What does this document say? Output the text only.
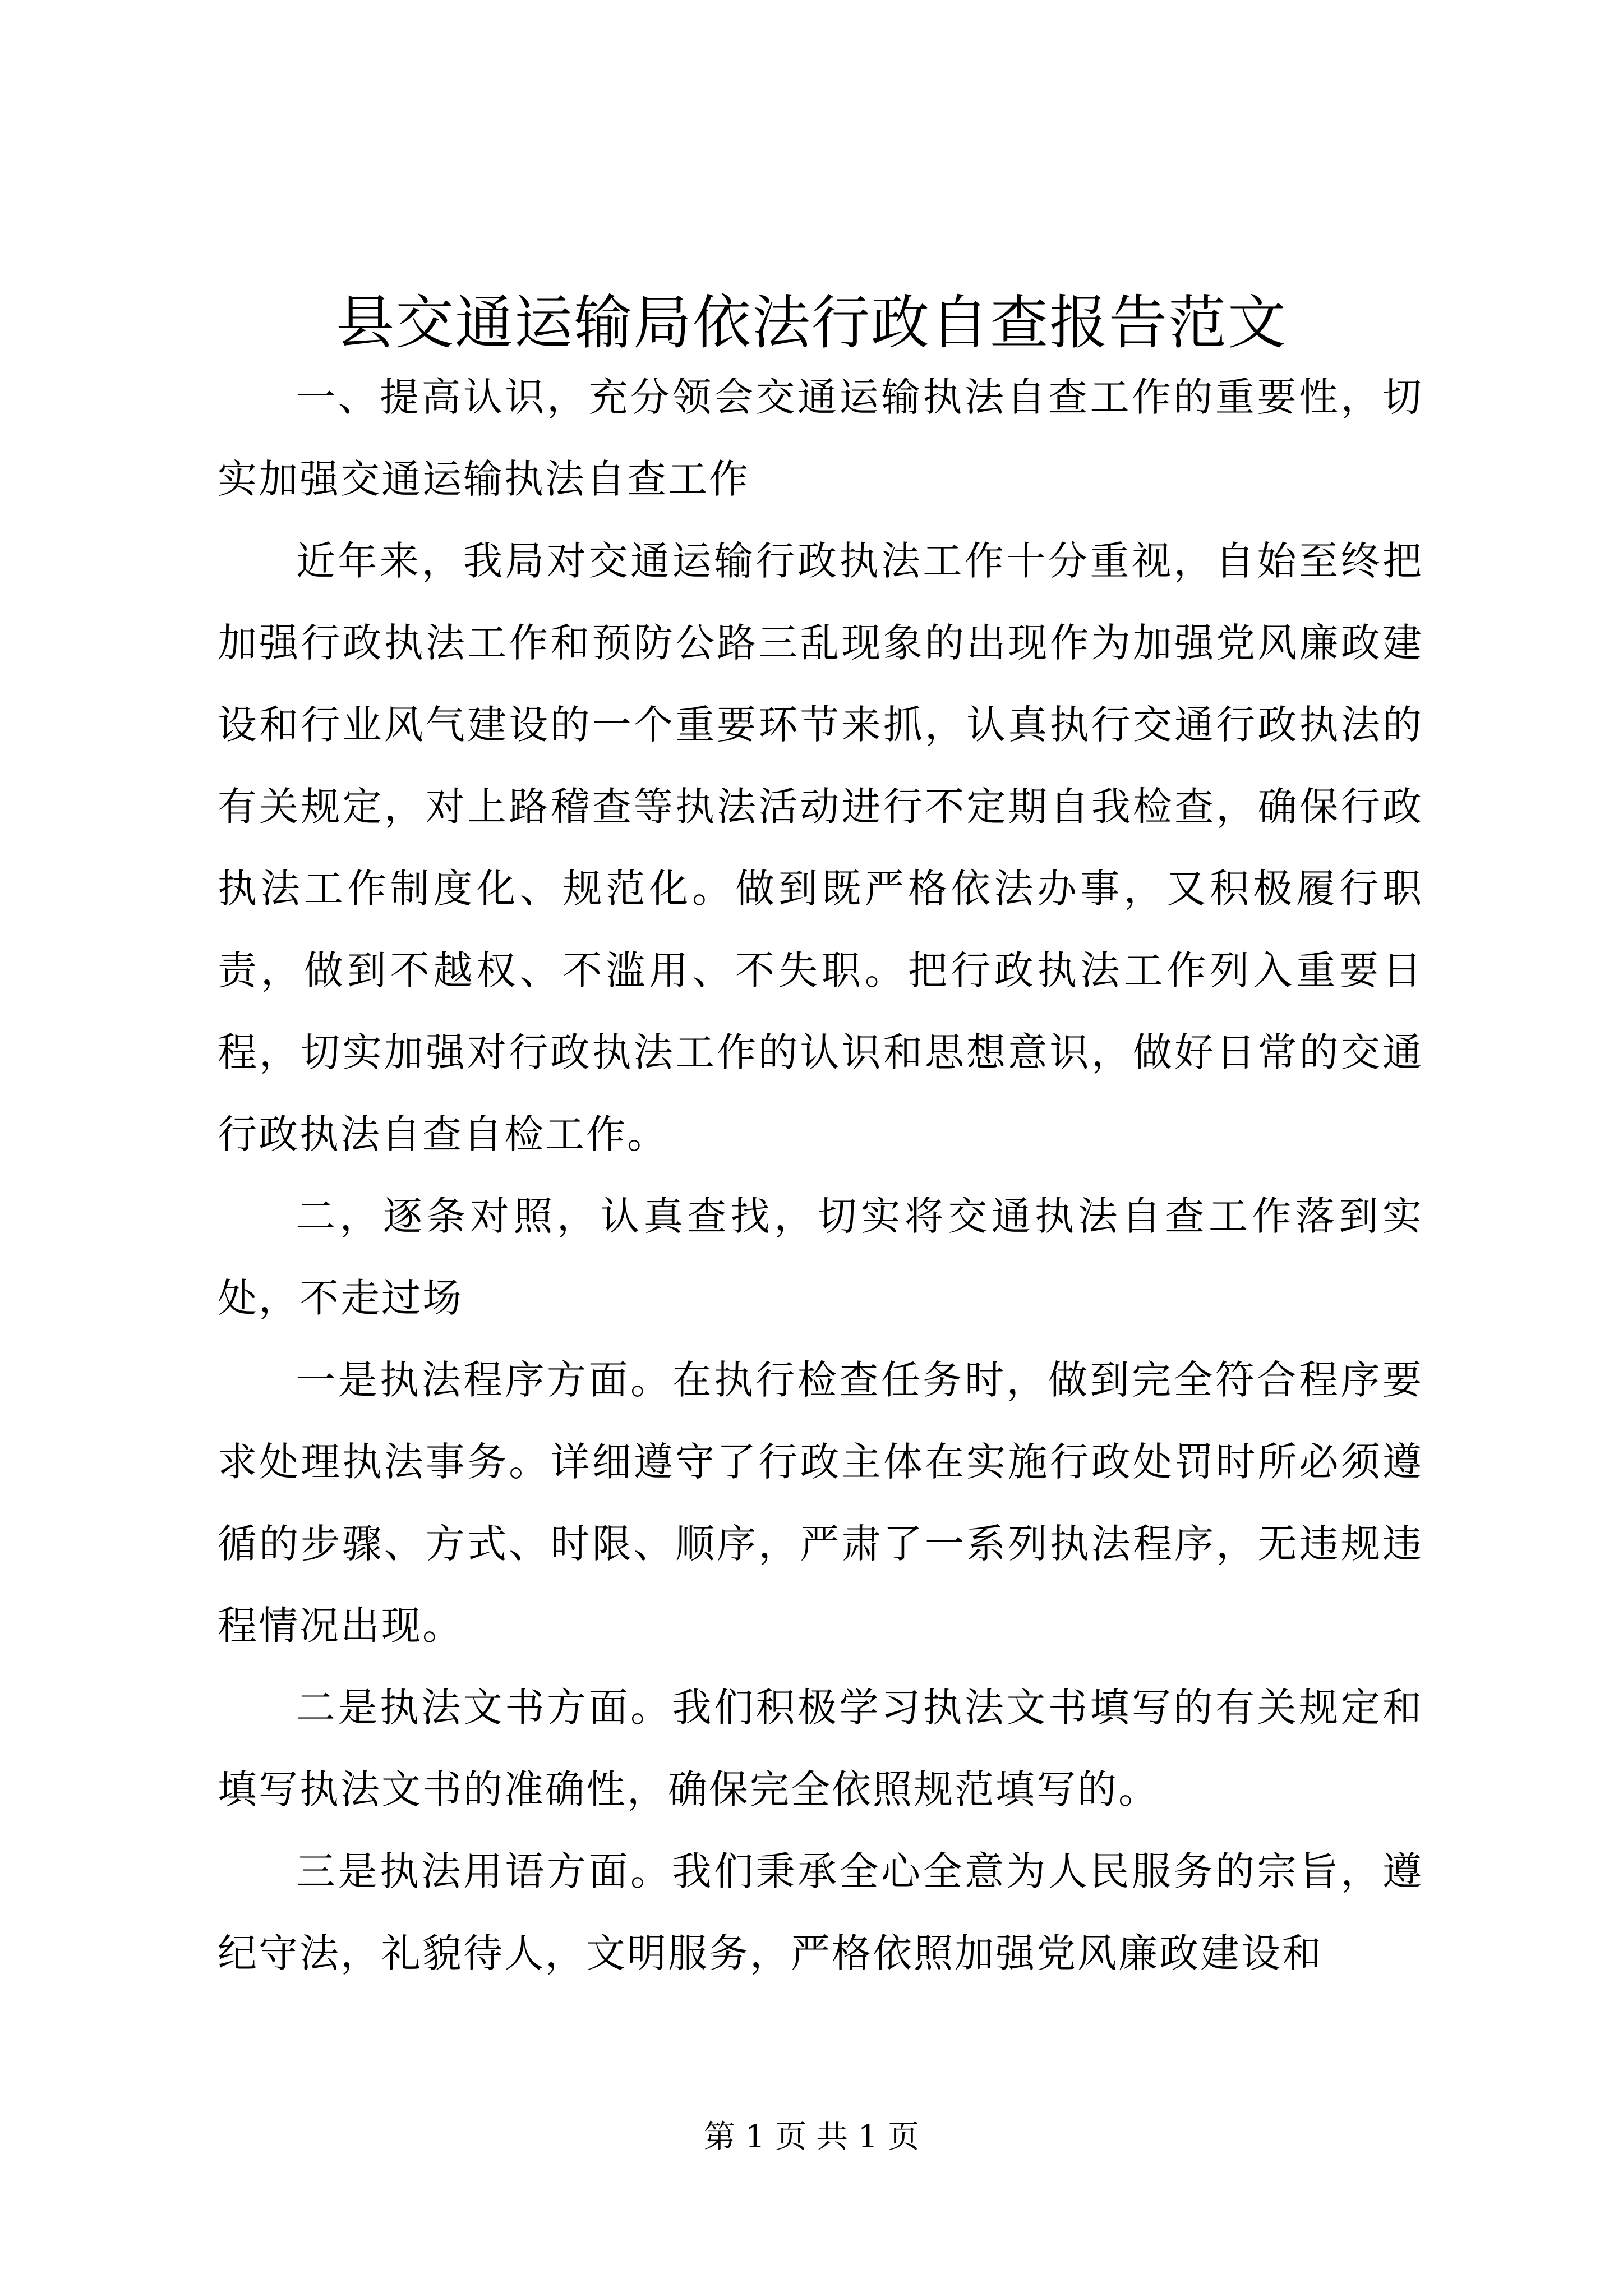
县交通运输局依法行政自查报告范文

一、提高认识，充分领会交通运输执法自查工作的重要性，切实加强交通运输执法自查工作

近年来，我局对交通运输行政执法工作十分重视，自始至终把加强行政执法工作和预防公路三乱现象的出现作为加强党风廉政建设和行业风气建设的一个重要环节来抓，认真执行交通行政执法的有关规定，对上路稽查等执法活动进行不定期自我检查，确保行政执法工作制度化、规范化。做到既严格依法办事，又积极履行职责，做到不越权、不滥用、不失职。把行政执法工作列入重要日程，切实加强对行政执法工作的认识和思想意识，做好日常的交通行政执法自查自检工作。

二，逐条对照，认真查找，切实将交通执法自查工作落到实处，不走过场

一是执法程序方面。在执行检查任务时，做到完全符合程序要求处理执法事务。详细遵守了行政主体在实施行政处罚时所必须遵循的步骤、方式、时限、顺序，严肃了一系列执法程序，无违规违程情况出现。

二是执法文书方面。我们积极学习执法文书填写的有关规定和填写执法文书的准确性，确保完全依照规范填写的。

三是执法用语方面。我们秉承全心全意为人民服务的宗旨，遵纪守法，礼貌待人，文明服务，严格依照加强党风廉政建设和

第 1 页 共 1 页
